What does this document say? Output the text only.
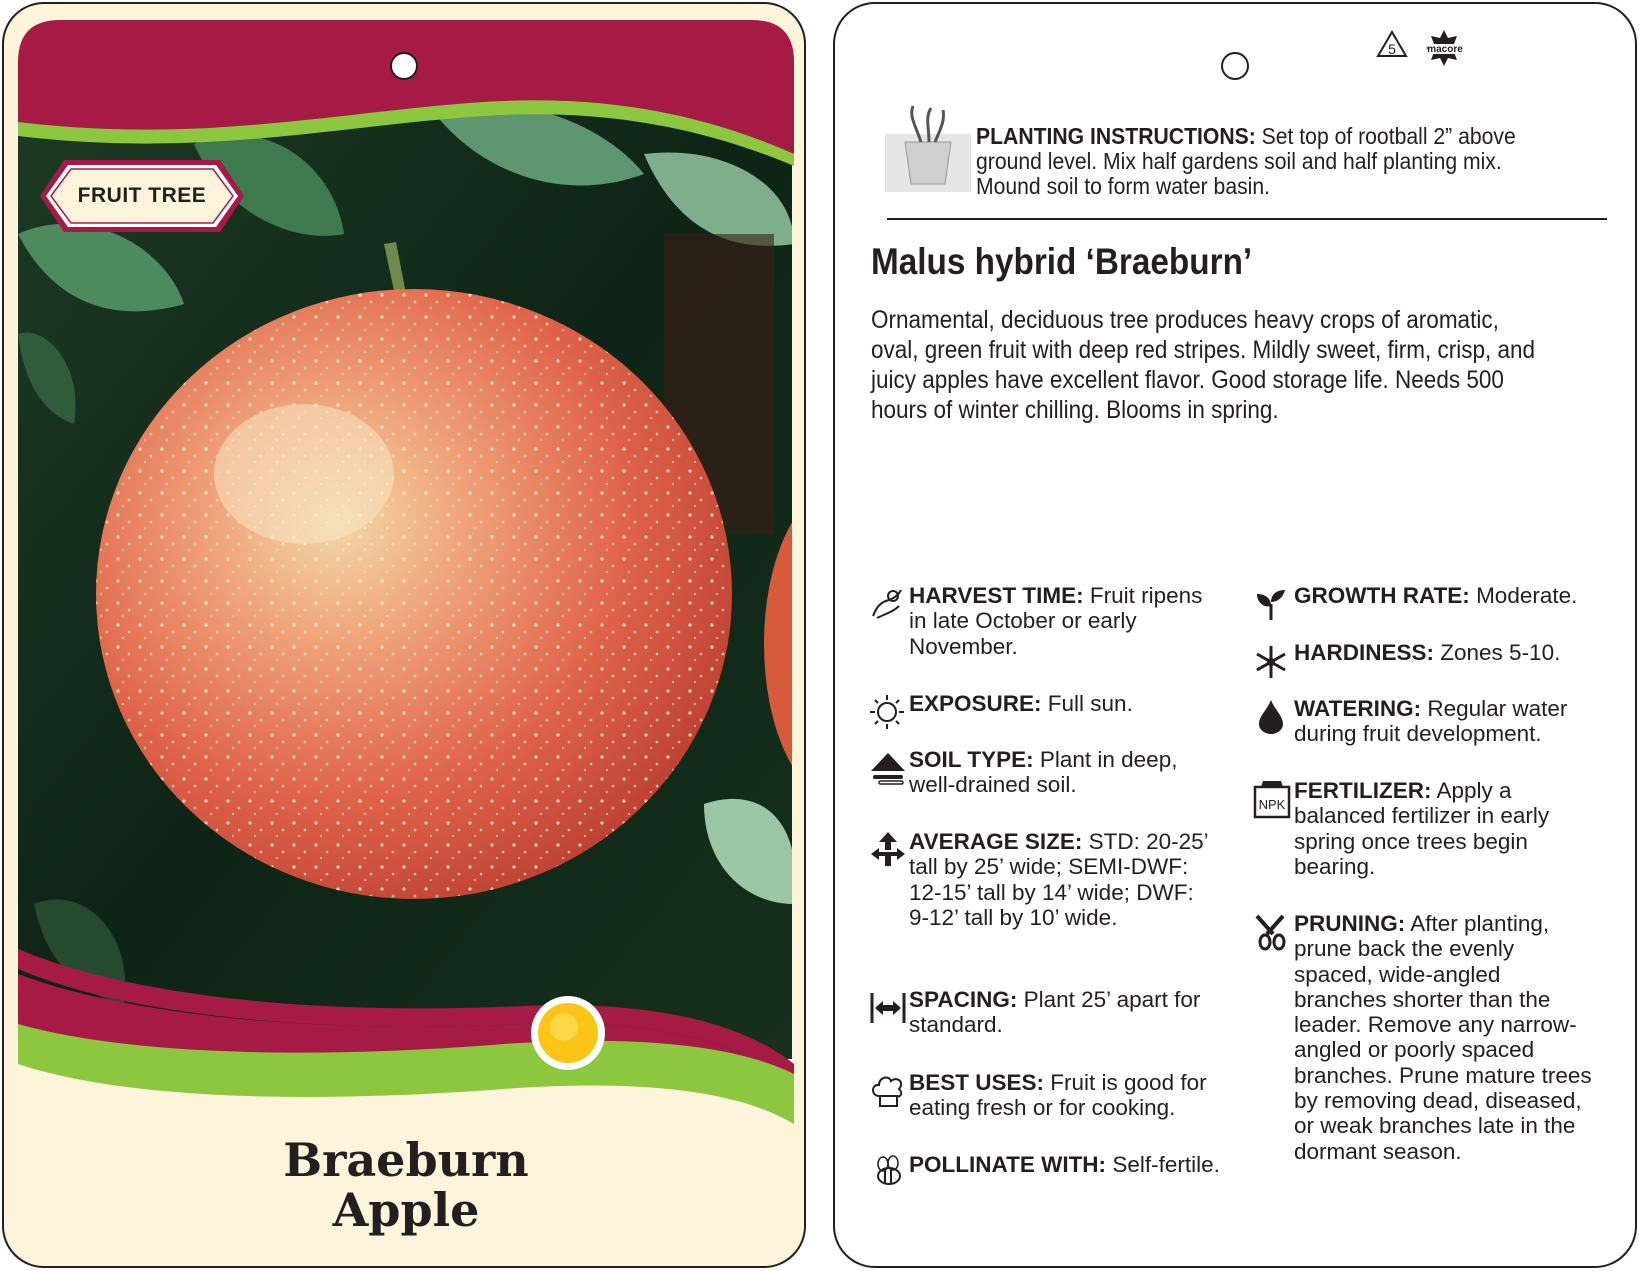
FRUIT TREE
Braeburn
Apple
5	macore
PLANTING INSTRUCTIONS: Set top of rootball 2” above ground level. Mix half gardens soil and half planting mix. Mound soil to form water basin.
Malus hybrid ‘Braeburn’
Ornamental, deciduous tree produces heavy crops of aromatic, oval, green fruit with deep red stripes. Mildly sweet, firm, crisp, and juicy apples have excellent flavor. Good storage life. Needs 500 hours of winter chilling. Blooms in spring.
HARVEST TIME: Fruit ripens in late October or early November.
EXPOSURE: Full sun.
SOIL TYPE: Plant in deep, well-drained soil.
AVERAGE SIZE: STD: 20-25’ tall by 25’ wide; SEMI-DWF: 12-15’ tall by 14’ wide; DWF: 9-12’ tall by 10’ wide.
SPACING: Plant 25’ apart for standard.
BEST USES: Fruit is good for eating fresh or for cooking.
POLLINATE WITH: Self-fertile.
NPK
GROWTH RATE: Moderate.
HARDINESS: Zones 5-10.
WATERING: Regular water during fruit development.
FERTILIZER: Apply a balanced fertilizer in early spring once trees begin bearing.
PRUNING: After planting, prune back the evenly spaced, wide-angled branches shorter than the leader. Remove any narrow-angled or poorly spaced branches. Prune mature trees by removing dead, diseased, or weak branches late in the dormant season.
